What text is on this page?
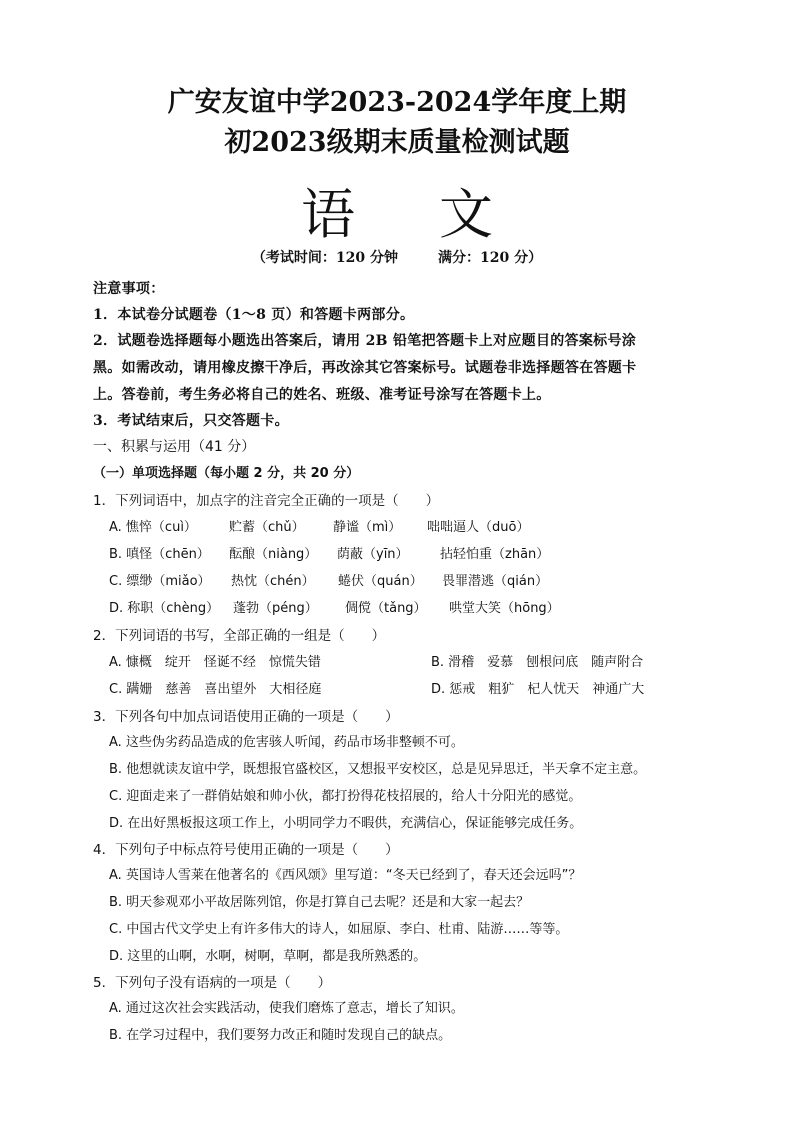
广安友谊中学2023-2024学年度上期
初2023级期末质量检测试题
语 文
（考试时间：120 分钟	满分：120 分）
注意事项：
1．本试卷分试题卷（1～8 页）和答题卡两部分。
2．试题卷选择题每小题选出答案后，请用 2B 铅笔把答题卡上对应题目的答案标号涂
黑。如需改动，请用橡皮擦干净后，再改涂其它答案标号。试题卷非选择题答在答题卡
上。答卷前，考生务必将自己的姓名、班级、准考证号涂写在答题卡上。
3．考试结束后，只交答题卡。
一、积累与运用（41 分）
（一）单项选择题（每小题 2 分，共 20 分）
1．下列词语中，加点字的注音完全正确的一项是（　　）
A. 憔悴（cuì） 贮蓄（chǔ） 静谧（mì） 咄咄逼人（duō）
B. 嗔怪（chēn） 酝酿（niàng） 荫蔽（yīn） 拈轻怕重（zhān）
C. 缥缈（miǎo） 热忱（chén） 蜷伏（quán） 畏罪潜逃（qián）
D. 称职（chèng） 蓬勃（péng） 倜傥（tǎng） 哄堂大笑（hōng）
2．下列词语的书写，全部正确的一组是（　　）
A. 慷概　绽开　怪诞不经　惊慌失错	B. 滑稽　爱慕　刨根问底　随声附合
C. 蹒姗　慈善　喜出望外　大相径庭	D. 惩戒　粗犷　杞人忧天　神通广大
3．下列各句中加点词语使用正确的一项是（　　）
A. 这些伪劣药品造成的危害骇人听闻，药品市场非整顿不可。
B. 他想就读友谊中学，既想报官盛校区，又想报平安校区，总是见异思迁，半天拿不定主意。
C. 迎面走来了一群俏姑娘和帅小伙，都打扮得花枝招展的，给人十分阳光的感觉。
D. 在出好黑板报这项工作上，小明同学力不暇供，充满信心，保证能够完成任务。
4．下列句子中标点符号使用正确的一项是（　　）
A. 英国诗人雪莱在他著名的《西风颂》里写道：“冬天已经到了，春天还会远吗”？
B. 明天参观邓小平故居陈列馆，你是打算自己去呢？还是和大家一起去？
C. 中国古代文学史上有许多伟大的诗人，如屈原、李白、杜甫、陆游……等等。
D. 这里的山啊，水啊，树啊，草啊，都是我所熟悉的。
5．下列句子没有语病的一项是（　　）
A. 通过这次社会实践活动，使我们磨炼了意志，增长了知识。
B. 在学习过程中，我们要努力改正和随时发现自己的缺点。
